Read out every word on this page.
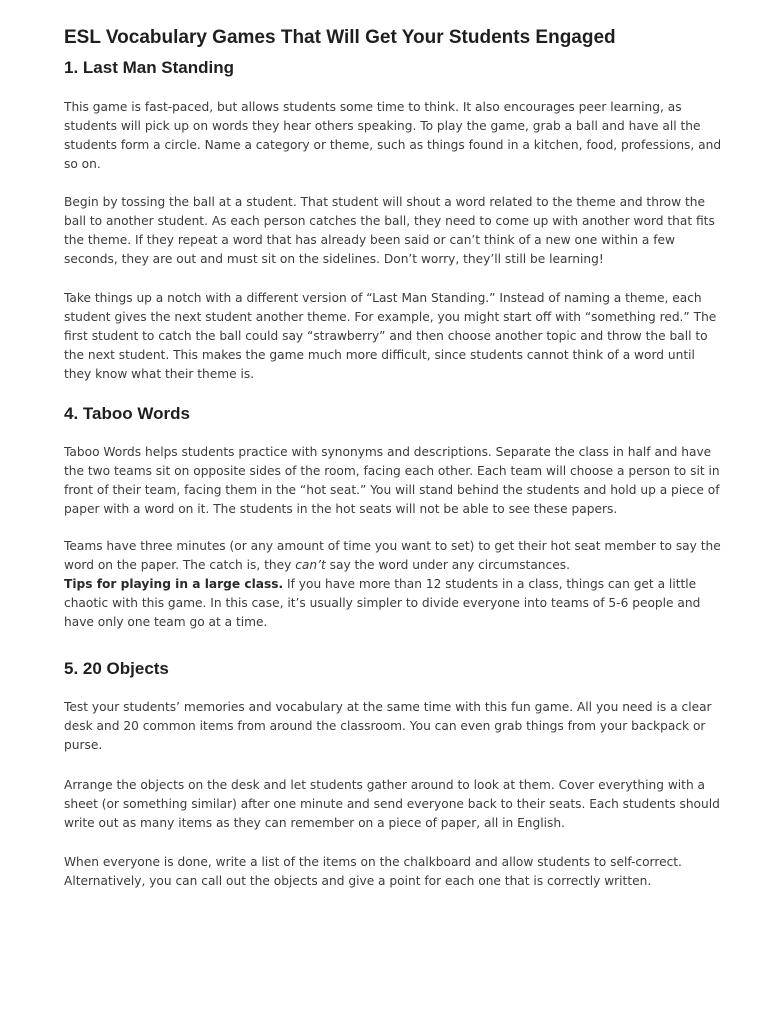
ESL Vocabulary Games That Will Get Your Students Engaged
1. Last Man Standing

This game is fast-paced, but allows students some time to think. It also encourages peer learning, as students will pick up on words they hear others speaking. To play the game, grab a ball and have all the students form a circle. Name a category or theme, such as things found in a kitchen, food, professions, and so on.

Begin by tossing the ball at a student. That student will shout a word related to the theme and throw the ball to another student. As each person catches the ball, they need to come up with another word that fits the theme. If they repeat a word that has already been said or can’t think of a new one within a few seconds, they are out and must sit on the sidelines. Don’t worry, they’ll still be learning!

Take things up a notch with a different version of “Last Man Standing.” Instead of naming a theme, each student gives the next student another theme. For example, you might start off with “something red.” The first student to catch the ball could say “strawberry” and then choose another topic and throw the ball to the next student. This makes the game much more difficult, since students cannot think of a word until they know what their theme is.

4. Taboo Words

Taboo Words helps students practice with synonyms and descriptions. Separate the class in half and have the two teams sit on opposite sides of the room, facing each other. Each team will choose a person to sit in front of their team, facing them in the “hot seat.” You will stand behind the students and hold up a piece of paper with a word on it. The students in the hot seats will not be able to see these papers.

Teams have three minutes (or any amount of time you want to set) to get their hot seat member to say the word on the paper. The catch is, they can’t say the word under any circumstances.

Tips for playing in a large class. If you have more than 12 students in a class, things can get a little chaotic with this game. In this case, it’s usually simpler to divide everyone into teams of 5-6 people and have only one team go at a time.

5. 20 Objects

Test your students’ memories and vocabulary at the same time with this fun game. All you need is a clear desk and 20 common items from around the classroom. You can even grab things from your backpack or purse.

Arrange the objects on the desk and let students gather around to look at them. Cover everything with a sheet (or something similar) after one minute and send everyone back to their seats. Each students should write out as many items as they can remember on a piece of paper, all in English.

When everyone is done, write a list of the items on the chalkboard and allow students to self-correct. Alternatively, you can call out the objects and give a point for each one that is correctly written.
